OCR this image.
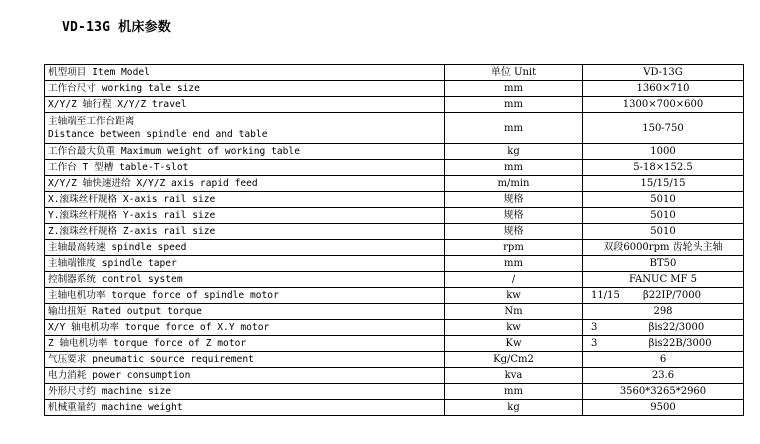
VD-13G 机床参数
机型项目 Item Model	单位 Unit	VD-13G
工作台尺寸 working tale size	mm	1360×710
X/Y/Z 轴行程 X/Y/Z travel	mm	1300×700×600

主轴端至工作台距离
Distance between spindle end and table	mm	150-750
工作台最大负重 Maximum weight of working table	kg	1000
工作台 T 型槽 table-T-slot	mm	5-18×152.5
X/Y/Z 轴快速进给 X/Y/Z axis rapid feed	m/min	15/15/15
X.滚珠丝杆规格 X-axis rail size	规格	5010
Y.滚珠丝杆规格 Y-axis rail size	规格	5010
Z.滚珠丝杆规格 Z-axis rail size	规格	5010
主轴最高转速 spindle speed	rpm	双段6000rpm 齿轮头主轴
主轴端锥度 spindle taper	mm	BT50
控制器系统 control system	/	FANUC MF 5
主轴电机功率 torque force of spindle motor	kw	11/15 β22IP/7000
输出扭矩 Rated output torque	Nm	298
X/Y 轴电机功率 torque force of X.Y motor	kw	3 βis22/3000
Z 轴电机功率 torque force of Z motor	Kw	3 βis22B/3000
气压要求 pneumatic source requirement	Kg/Cm2	6
电力消耗 power consumption	kva	23.6
外形尺寸约 machine size	mm	3560*3265*2960
机械重量约 machine weight	kg	9500
